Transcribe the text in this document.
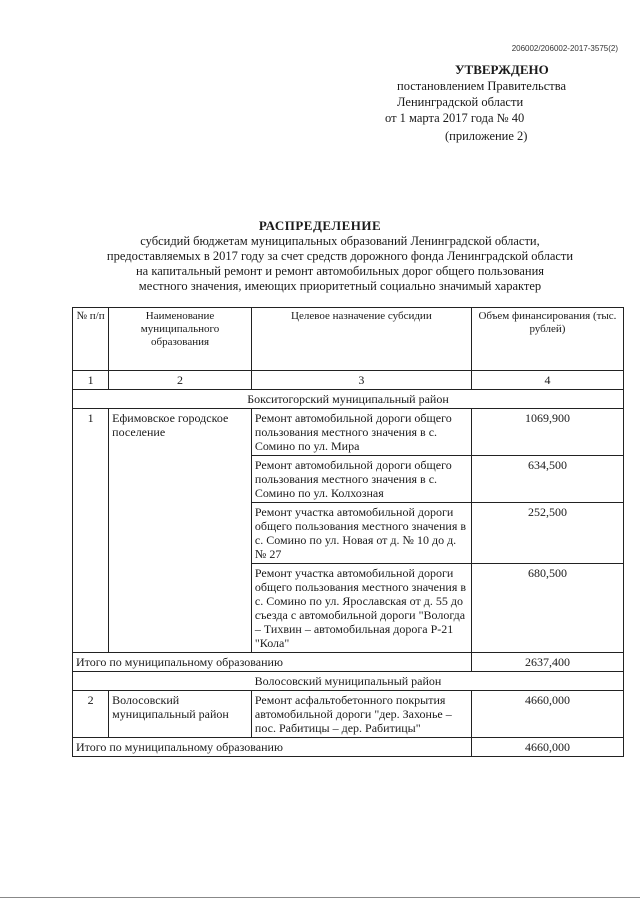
206002/206002-2017-3575(2)
УТВЕРЖДЕНО
постановлением Правительства
Ленинградской области
от 1 марта 2017 года № 40
(приложение 2)
РАСПРЕДЕЛЕНИЕ
субсидий бюджетам муниципальных образований Ленинградской области,
предоставляемых в 2017 году за счет средств дорожного фонда Ленинградской области
на капитальный ремонт и ремонт автомобильных дорог общего пользования
местного значения, имеющих приоритетный социально значимый характер
№ п/п	Наименование муниципального образования	Целевое назначение субсидии	Объем финансирования (тыс. рублей)
1	2	3	4
Бокситогорский муниципальный район			
1	Ефимовское городское поселение	Ремонт автомобильной дороги общего пользования местного значения в с. Сомино по ул. Мира	1069,900
		Ремонт автомобильной дороги общего пользования местного значения в с. Сомино по ул. Колхозная	634,500
		Ремонт участка автомобильной дороги общего пользования местного значения в с. Сомино по ул. Новая от д. № 10 до д. № 27	252,500
		Ремонт участка автомобильной дороги общего пользования местного значения в с. Сомино по ул. Ярославская от д. 55 до съезда с автомобильной дороги "Вологда – Тихвин – автомобильная дорога Р-21 "Кола"	680,500
Итого по муниципальному образованию			2637,400
Волосовский муниципальный район			
2	Волосовский муниципальный район	Ремонт асфальтобетонного покрытия автомобильной дороги "дер. Захонье – пос. Рабитицы – дер. Рабитицы"	4660,000
Итого по муниципальному образованию			4660,000
